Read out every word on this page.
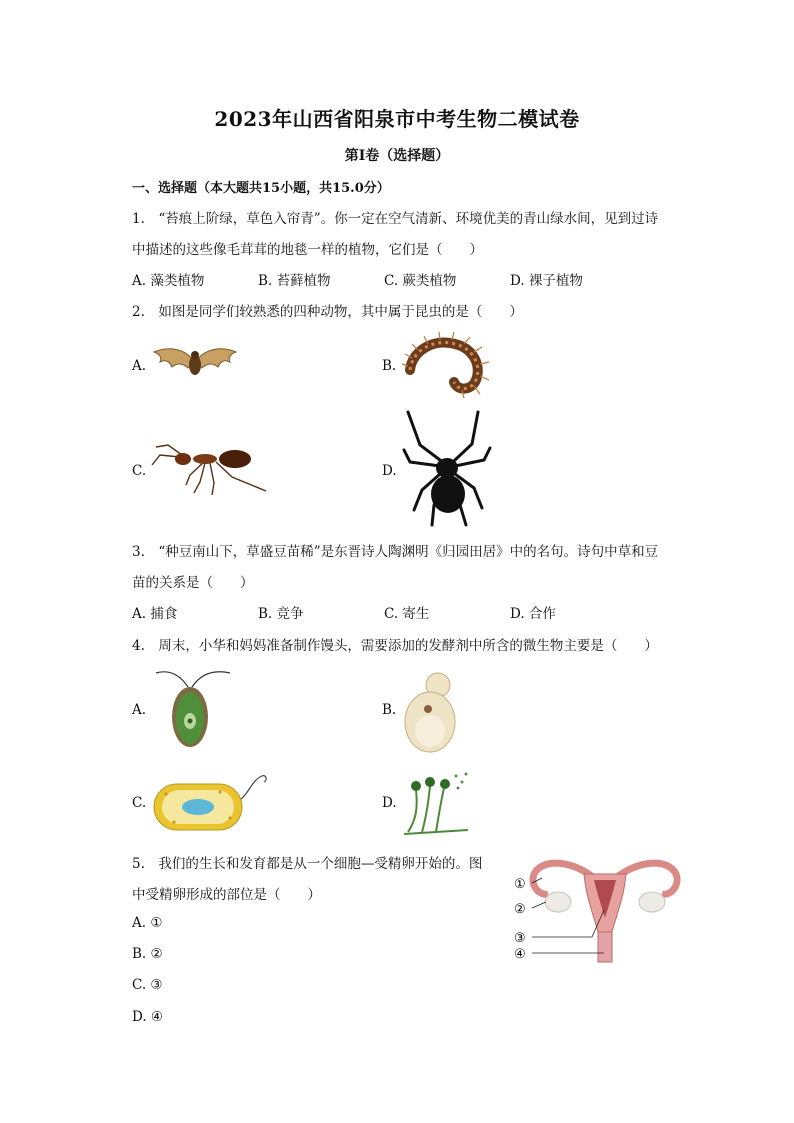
2023年山西省阳泉市中考生物二模试卷
第I卷（选择题）
一、选择题（本大题共15小题，共15.0分）
1.　“苔痕上阶绿，草色入帘青”。你一定在空气清新、环境优美的青山绿水间，见到过诗
中描述的这些像毛茸茸的地毯一样的植物，它们是（　　）
A. 藻类植物	B. 苔藓植物	C. 蕨类植物	D. 裸子植物
2.　如图是同学们较熟悉的四种动物，其中属于昆虫的是（　　）
A.	B.
C.	D.
3.　“种豆南山下，草盛豆苗稀”是东晋诗人陶渊明《归园田居》中的名句。诗句中草和豆
苗的关系是（　　）
A. 捕食	B. 竞争	C. 寄生	D. 合作
4.　周末，小华和妈妈准备制作馒头，需要添加的发酵剂中所含的微生物主要是（　　）
A.	B.
C.	D.
5.　我们的生长和发育都是从一个细胞—受精卵开始的。图
中受精卵形成的部位是（　　）
A. ①
B. ②
C. ③
D. ④
①
②
③
④
